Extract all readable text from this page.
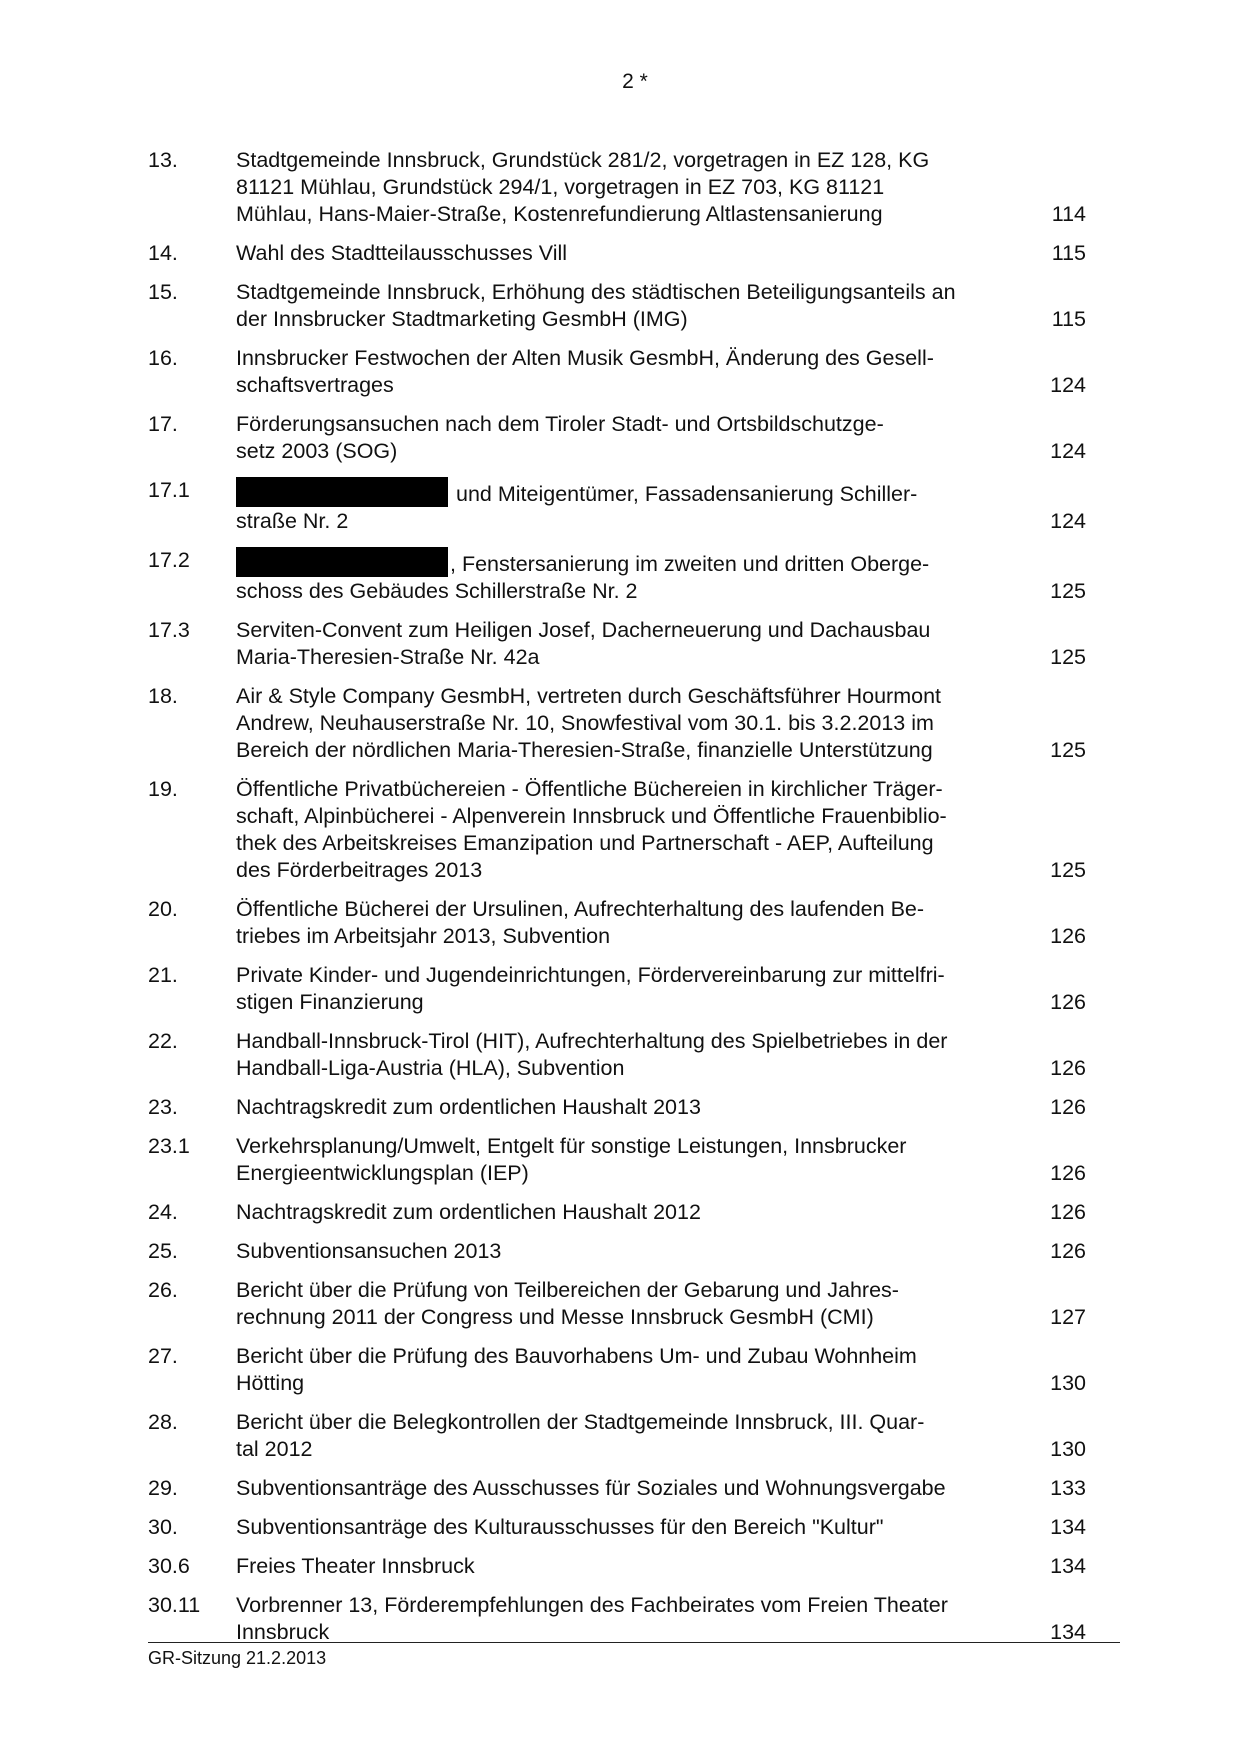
2 *
13.	Stadtgemeinde Innsbruck, Grundstück 281/2, vorgetragen in EZ 128, KG
81121 Mühlau, Grundstück 294/1, vorgetragen in EZ 703, KG 81121
Mühlau, Hans-Maier-Straße, Kostenrefundierung Altlastensanierung	114
14.	Wahl des Stadtteilausschusses Vill	115
15.	Stadtgemeinde Innsbruck, Erhöhung des städtischen Beteiligungsanteils an
der Innsbrucker Stadtmarketing GesmbH (IMG)	115
16.	Innsbrucker Festwochen der Alten Musik GesmbH, Änderung des Gesell-
schaftsvertrages	124
17.	Förderungsansuchen nach dem Tiroler Stadt- und Ortsbildschutzge-
setz 2003 (SOG)	124
17.1	und Miteigentümer, Fassadensanierung Schiller-
straße Nr. 2	124
17.2	, Fenstersanierung im zweiten und dritten Oberge-
schoss des Gebäudes Schillerstraße Nr. 2	125
17.3	Serviten-Convent zum Heiligen Josef, Dacherneuerung und Dachausbau
Maria-Theresien-Straße Nr. 42a	125
18.	Air & Style Company GesmbH, vertreten durch Geschäftsführer Hourmont
Andrew, Neuhauserstraße Nr. 10, Snowfestival vom 30.1. bis 3.2.2013 im
Bereich der nördlichen Maria-Theresien-Straße, finanzielle Unterstützung	125
19.	Öffentliche Privatbüchereien - Öffentliche Büchereien in kirchlicher Träger-
schaft, Alpinbücherei - Alpenverein Innsbruck und Öffentliche Frauenbiblio-
thek des Arbeitskreises Emanzipation und Partnerschaft - AEP, Aufteilung
des Förderbeitrages 2013	125
20.	Öffentliche Bücherei der Ursulinen, Aufrechterhaltung des laufenden Be-
triebes im Arbeitsjahr 2013, Subvention	126
21.	Private Kinder- und Jugendeinrichtungen, Fördervereinbarung zur mittelfri-
stigen Finanzierung	126
22.	Handball-Innsbruck-Tirol (HIT), Aufrechterhaltung des Spielbetriebes in der
Handball-Liga-Austria (HLA), Subvention	126
23.	Nachtragskredit zum ordentlichen Haushalt 2013	126
23.1	Verkehrsplanung/Umwelt, Entgelt für sonstige Leistungen, Innsbrucker
Energieentwicklungsplan (IEP)	126
24.	Nachtragskredit zum ordentlichen Haushalt 2012	126
25.	Subventionsansuchen 2013	126
26.	Bericht über die Prüfung von Teilbereichen der Gebarung und Jahres-
rechnung 2011 der Congress und Messe Innsbruck GesmbH (CMI)	127
27.	Bericht über die Prüfung des Bauvorhabens Um- und Zubau Wohnheim
Hötting	130
28.	Bericht über die Belegkontrollen der Stadtgemeinde Innsbruck, III. Quar-
tal 2012	130
29.	Subventionsanträge des Ausschusses für Soziales und Wohnungsvergabe	133
30.	Subventionsanträge des Kulturausschusses für den Bereich "Kultur"	134
30.6	Freies Theater Innsbruck	134
30.11	Vorbrenner 13, Förderempfehlungen des Fachbeirates vom Freien Theater
Innsbruck	134
GR-Sitzung 21.2.2013
